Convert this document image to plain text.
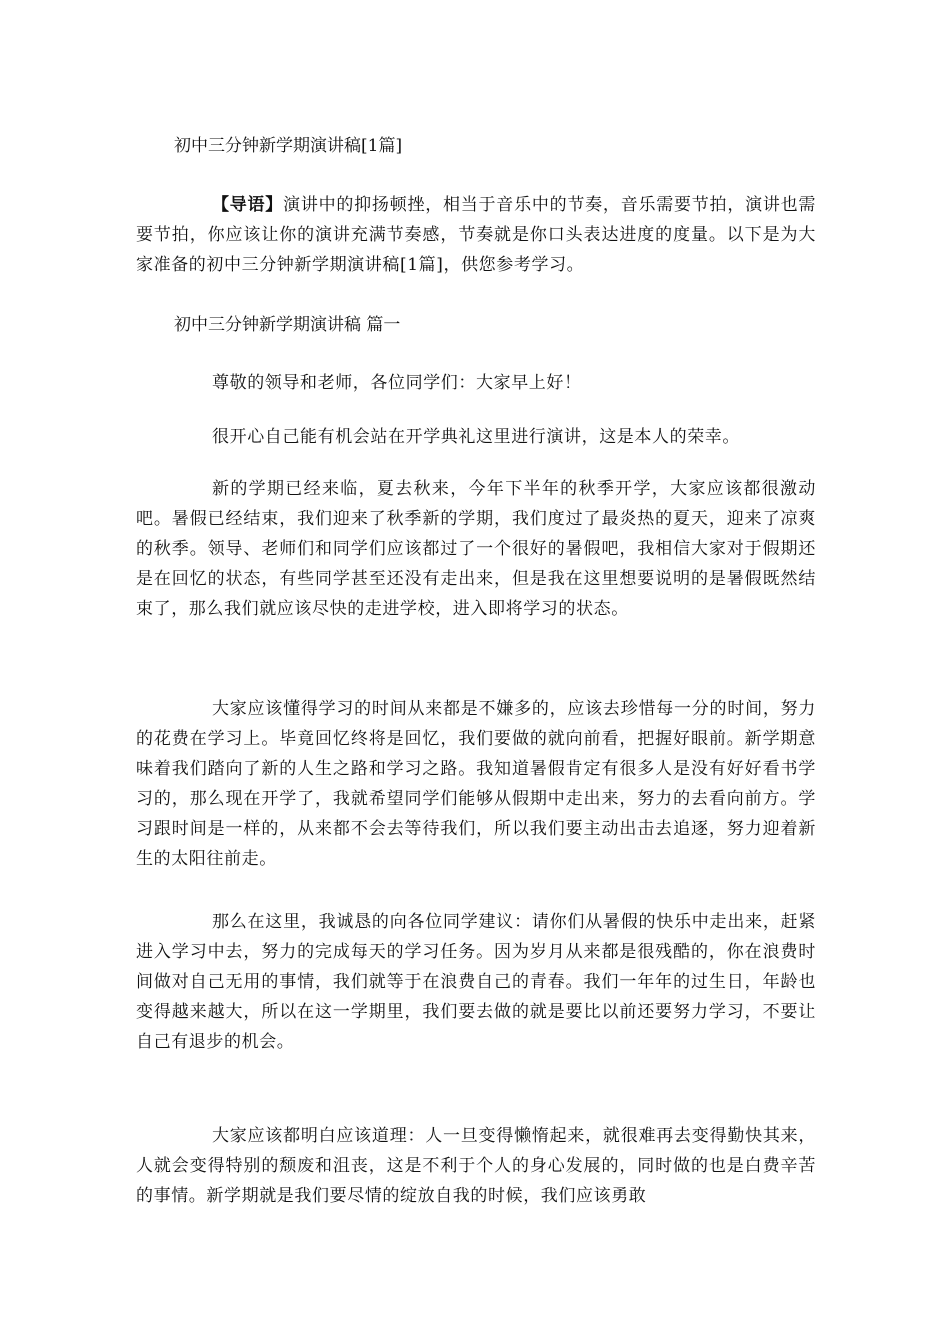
初中三分钟新学期演讲稿[1篇]

【导语】演讲中的抑扬顿挫，相当于音乐中的节奏，音乐需要节拍，演讲也需要节拍，你应该让你的演讲充满节奏感，节奏就是你口头表达进度的度量。以下是为大家准备的初中三分钟新学期演讲稿[1篇]，供您参考学习。

初中三分钟新学期演讲稿 篇一

尊敬的领导和老师，各位同学们：大家早上好！

很开心自己能有机会站在开学典礼这里进行演讲，这是本人的荣幸。

新的学期已经来临，夏去秋来，今年下半年的秋季开学，大家应该都很激动吧。暑假已经结束，我们迎来了秋季新的学期，我们度过了最炎热的夏天，迎来了凉爽的秋季。领导、老师们和同学们应该都过了一个很好的暑假吧，我相信大家对于假期还是在回忆的状态，有些同学甚至还没有走出来，但是我在这里想要说明的是暑假既然结束了，那么我们就应该尽快的走进学校，进入即将学习的状态。

大家应该懂得学习的时间从来都是不嫌多的，应该去珍惜每一分的时间，努力的花费在学习上。毕竟回忆终将是回忆，我们要做的就向前看，把握好眼前。新学期意味着我们踏向了新的人生之路和学习之路。我知道暑假肯定有很多人是没有好好看书学习的，那么现在开学了，我就希望同学们能够从假期中走出来，努力的去看向前方。学习跟时间是一样的，从来都不会去等待我们，所以我们要主动出击去追逐，努力迎着新生的太阳往前走。

那么在这里，我诚恳的向各位同学建议：请你们从暑假的快乐中走出来，赶紧进入学习中去，努力的完成每天的学习任务。因为岁月从来都是很残酷的，你在浪费时间做对自己无用的事情，我们就等于在浪费自己的青春。我们一年年的过生日，年龄也变得越来越大，所以在这一学期里，我们要去做的就是要比以前还要努力学习，不要让自己有退步的机会。

大家应该都明白应该道理：人一旦变得懒惰起来，就很难再去变得勤快其来，人就会变得特别的颓废和沮丧，这是不利于个人的身心发展的，同时做的也是白费辛苦的事情。新学期就是我们要尽情的绽放自我的时候，我们应该勇敢
